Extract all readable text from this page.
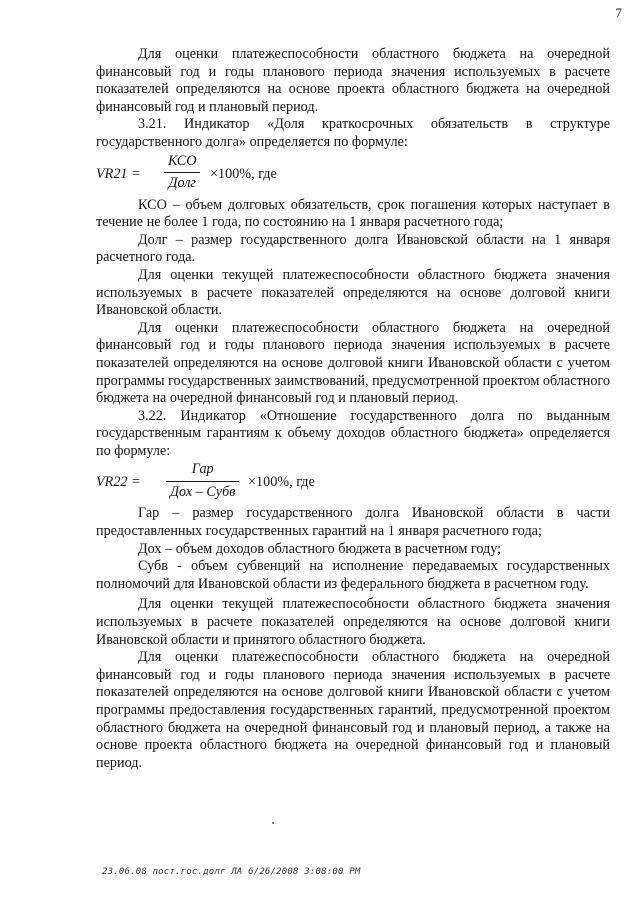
7

Для оценки платежеспособности областного бюджета на очередной финансовый год и годы планового периода значения используемых в расчете показателей определяются на основе проекта областного бюджета на очередной финансовый год и плановый период.

3.21. Индикатор «Доля краткосрочных обязательств в структуре государственного долга» определяется по формуле:

VR21 =
КСО
Долг
×100%, где

КСО – объем долговых обязательств, срок погашения которых наступает в течение не более 1 года, по состоянию на 1 января расчетного года;

Долг – размер государственного долга Ивановской области на 1 января расчетного года.

Для оценки текущей платежеспособности областного бюджета значения используемых в расчете показателей определяются на основе долговой книги Ивановской области.

Для оценки платежеспособности областного бюджета на очередной финансовый год и годы планового периода значения используемых в расчете показателей определяются на основе долговой книги Ивановской области с учетом программы государственных заимствований, предусмотренной проектом областного бюджета на очередной финансовый год и плановый период.

3.22. Индикатор «Отношение государственного долга по выданным государственным гарантиям к объему доходов областного бюджета» определяется по формуле:

VR22 =
Гар
Дох – Субв
×100%, где

Гар – размер государственного долга Ивановской области в части предоставленных государственных гарантий на 1 января расчетного года;

Дох – объем доходов областного бюджета в расчетном году;

Субв - объем субвенций на исполнение передаваемых государственных полномочий для Ивановской области из федерального бюджета в расчетном году.

Для оценки текущей платежеспособности областного бюджета значения используемых в расчете показателей определяются на основе долговой книги Ивановской области и принятого областного бюджета.

Для оценки платежеспособности областного бюджета на очередной финансовый год и годы планового периода значения используемых в расчете показателей определяются на основе долговой книги Ивановской области с учетом программы предоставления государственных гарантий, предусмотренной проектом областного бюджета на очередной финансовый год и плановый период, а также на основе проекта областного бюджета на очередной финансовый год и плановый период.

23.06.08 пост.гос.долг ЛА 6/26/2008 3:08:00 PM
